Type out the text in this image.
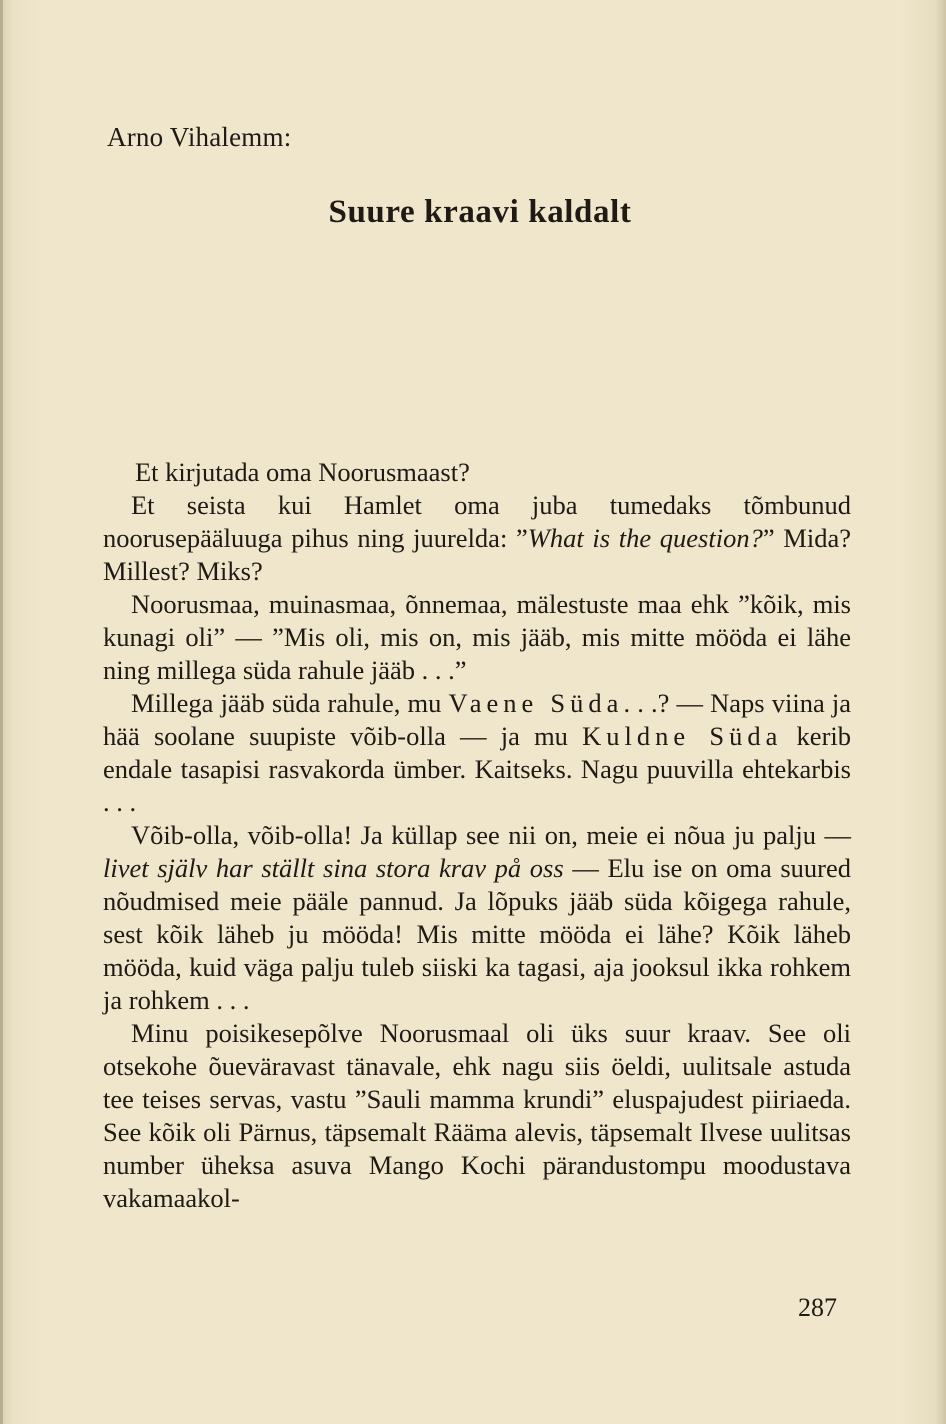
Arno Vihalemm:
Suure kraavi kaldalt

Et kirjutada oma Noorusmaast?

Et seista kui Hamlet oma juba tumedaks tõmbunud noorusepääluuga pihus ning juurelda: ”What is the question?” Mida? Millest? Miks?

Noorusmaa, muinasmaa, õnnemaa, mälestuste maa ehk ”kõik, mis kunagi oli” — ”Mis oli, mis on, mis jääb, mis mitte mööda ei lähe ning millega süda rahule jääb . . .”

Millega jääb süda rahule, mu Vaene Süda. . .? — Naps viina ja hää soolane suupiste võib-olla — ja mu Kuldne Süda kerib endale tasapisi rasvakorda ümber. Kaitseks. Nagu puuvilla ehtekarbis . . .

Võib-olla, võib-olla! Ja küllap see nii on, meie ei nõua ju palju — livet själv har ställt sina stora krav på oss — Elu ise on oma suured nõudmised meie pääle pannud. Ja lõpuks jääb süda kõigega rahule, sest kõik läheb ju mööda! Mis mitte mööda ei lähe? Kõik läheb mööda, kuid väga palju tuleb siiski ka tagasi, aja jooksul ikka rohkem ja rohkem . . .

Minu poisikesepõlve Noorusmaal oli üks suur kraav. See oli otsekohe õueväravast tänavale, ehk nagu siis öeldi, uulitsale astuda tee teises servas, vastu ”Sauli mamma krundi” eluspajudest piiriaeda. See kõik oli Pärnus, täpsemalt Rääma alevis, täpsemalt Ilvese uulitsas number üheksa asuva Mango Kochi pärandustompu moodustava vakamaakol-

287
